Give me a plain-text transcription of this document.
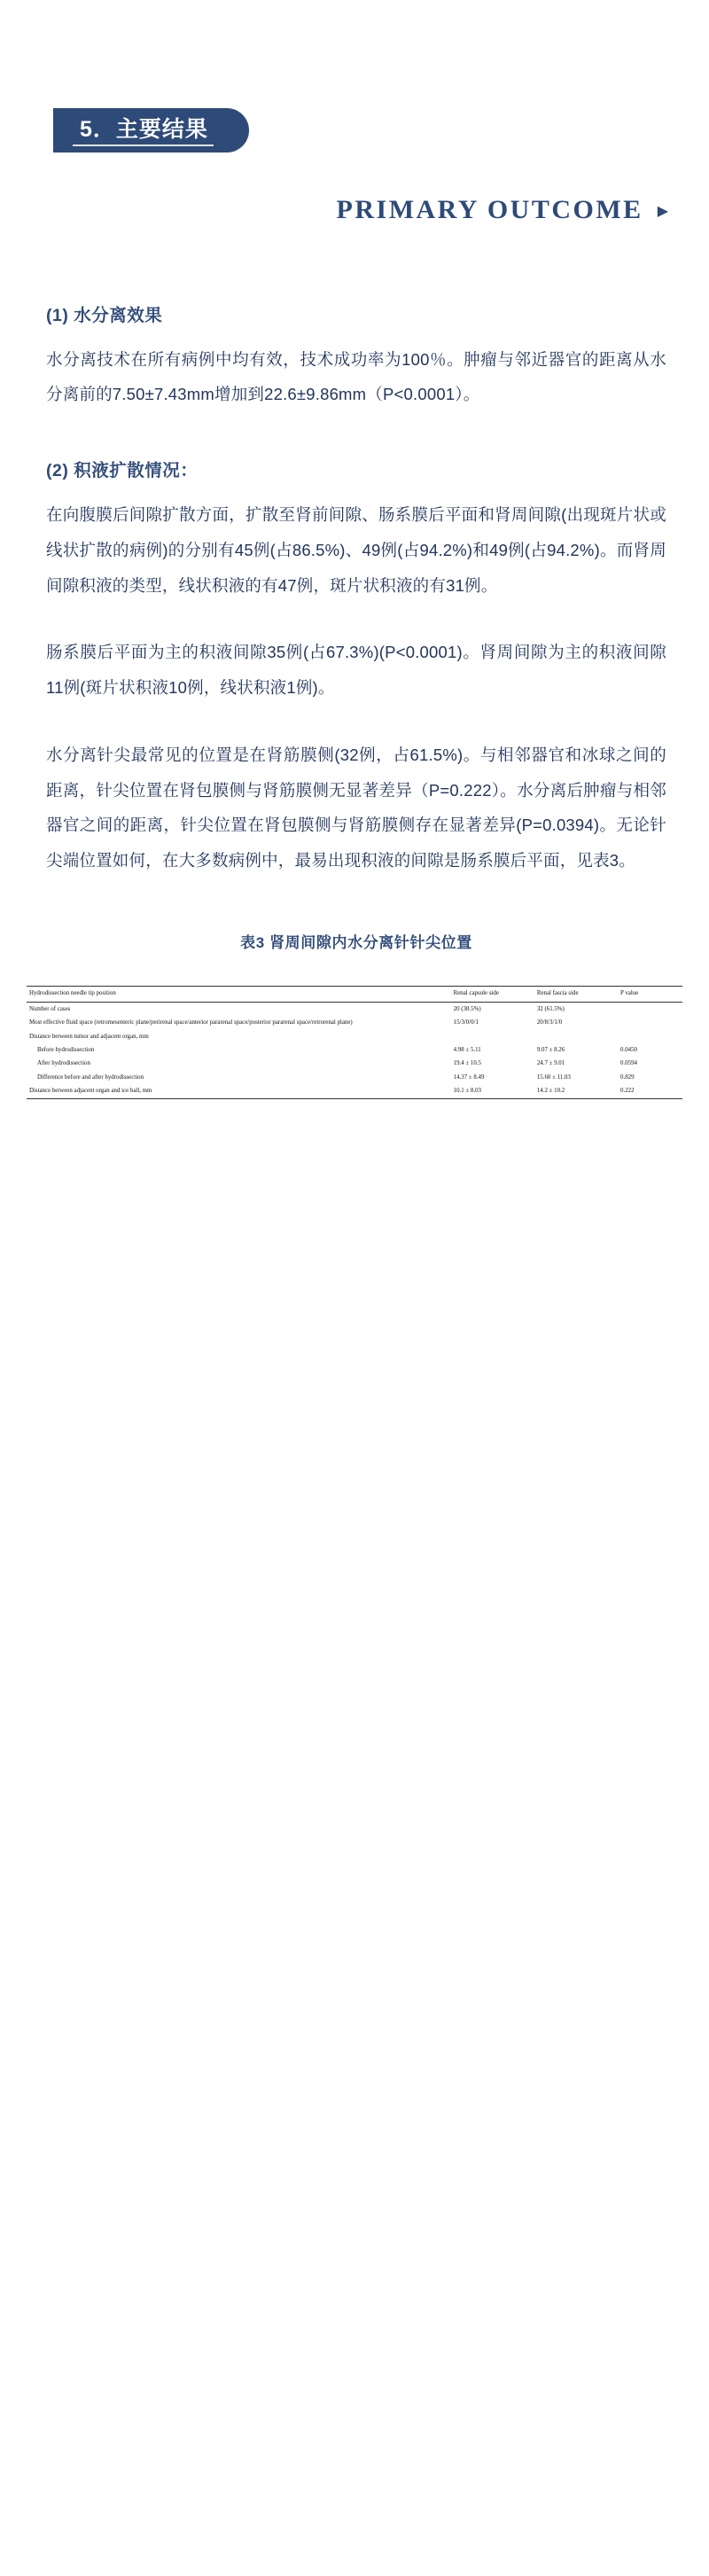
5．主要结果
PRIMARY OUTCOME ▶
(1) 水分离效果

水分离技术在所有病例中均有效，技术成功率为100％。肿瘤与邻近器官的距离从水分离前的7.50±7.43mm增加到22.6±9.86mm（P<0.0001）。

(2) 积液扩散情况：

在向腹膜后间隙扩散方面，扩散至肾前间隙、肠系膜后平面和肾周间隙(出现斑片状或线状扩散的病例)的分别有45例(占86.5%)、49例(占94.2%)和49例(占94.2%)。而肾周间隙积液的类型，线状积液的有47例，斑片状积液的有31例。

肠系膜后平面为主的积液间隙35例(占67.3%)(P<0.0001)。肾周间隙为主的积液间隙11例(斑片状积液10例，线状积液1例)。

水分离针尖最常见的位置是在肾筋膜侧(32例，占61.5%)。与相邻器官和冰球之间的距离，针尖位置在肾包膜侧与肾筋膜侧无显著差异（P=0.222）。水分离后肿瘤与相邻器官之间的距离，针尖位置在肾包膜侧与肾筋膜侧存在显著差异(P=0.0394)。无论针尖端位置如何，在大多数病例中，最易出现积液的间隙是肠系膜后平面，见表3。

表3 肾周间隙内水分离针针尖位置
Hydrodissection needle tip position	Renal capsule side	Renal fascia side	P value
Number of cases	20 (38.5%)	32 (61.5%)	
Most effective fluid space (retromesenteric plane/perirenal space/anterior pararenal space/posterior pararenal space/retrorenal plane)	15/3/0/0/1	20/8/3/1/0	
Distance between tumor and adjacent organ, mm			
Before hydrodissection	4.98 ± 5.11	9.07 ± 8.26	0.0450
After hydrodissection	19.4 ± 10.5	24.7 ± 9.01	0.0594
Difference before and after hydrodissection	14.37 ± 8.49	15.60 ± 11.03	0.829
Distance between adjacent organ and ice ball, mm	10.1 ± 8.03	14.2 ± 10.2	0.222
